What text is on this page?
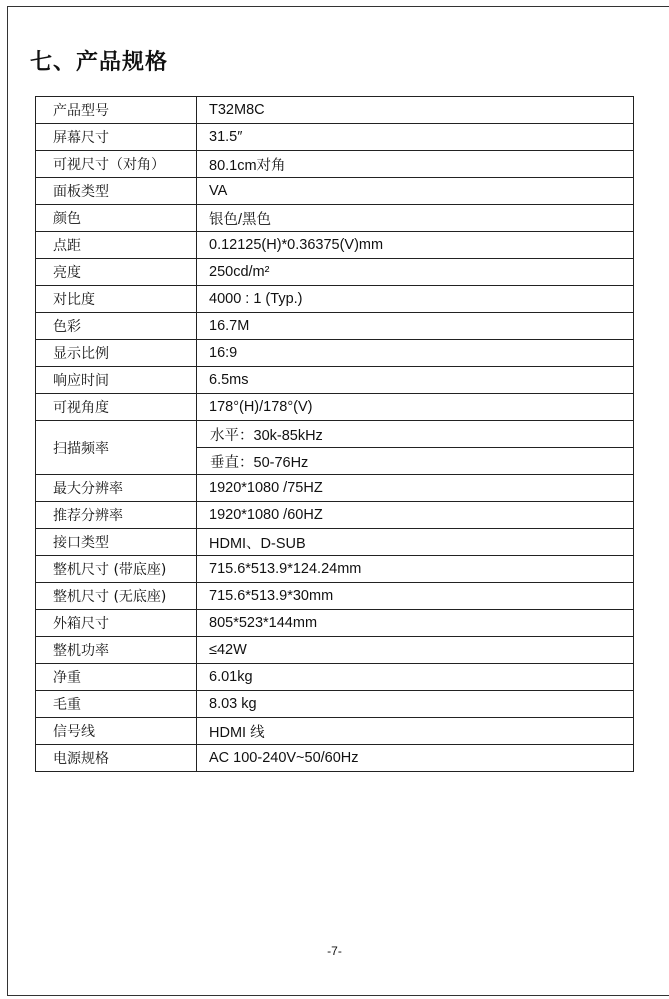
七、产品规格
产品型号	T32M8C
屏幕尺寸	31.5″
可视尺寸（对角）	80.1cm对角
面板类型	VA
颜色	银色/黑色
点距	0.12125(H)*0.36375(V)mm
亮度	250cd/m²
对比度	4000 : 1 (Typ.)
色彩	16.7M
显示比例	16:9
响应时间	6.5ms
可视角度	178°(H)/178°(V)
扫描频率	水平：30k-85kHz
	垂直：50-76Hz
最大分辨率	1920*1080 /75HZ
推荐分辨率	1920*1080 /60HZ
接口类型	HDMI、D-SUB
整机尺寸 (带底座)	715.6*513.9*124.24mm
整机尺寸 (无底座)	715.6*513.9*30mm
外箱尺寸	805*523*144mm
整机功率	≤42W
净重	6.01kg
毛重	8.03 kg
信号线	HDMI 线
电源规格	AC 100-240V~50/60Hz
-7-
